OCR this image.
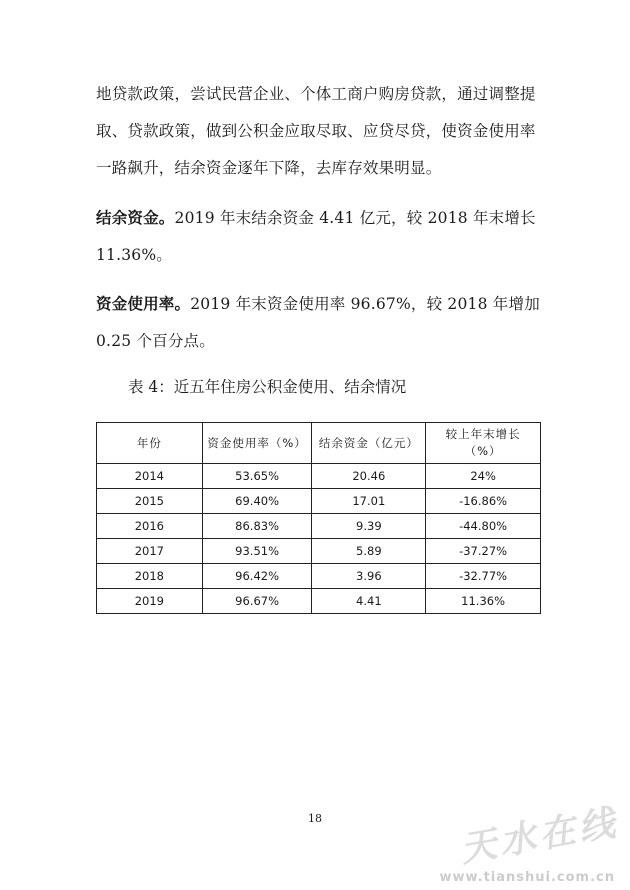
地贷款政策，尝试民营企业、个体工商户购房贷款，通过调整提取、贷款政策，做到公积金应取尽取、应贷尽贷，使资金使用率 一路飙升，结余资金逐年下降，去库存效果明显。
结余资金。2019 年末结余资金 4.41 亿元，较 2018 年末增长 11.36%。
资金使用率。2019 年末资金使用率 96.67%，较 2018 年增加 0.25 个百分点。
表 4：近五年住房公积金使用、结余情况
年份	资金使用率（%）	结余资金（亿元）	较上年末增长（%）
2014	53.65%	20.46	24%
2015	69.40%	17.01	-16.86%
2016	86.83%	9.39	-44.80%
2017	93.51%	5.89	-37.27%
2018	96.42%	3.96	-32.77%
2019	96.67%	4.41	11.36%
18	天水在线
www.tianshui.com.cn
